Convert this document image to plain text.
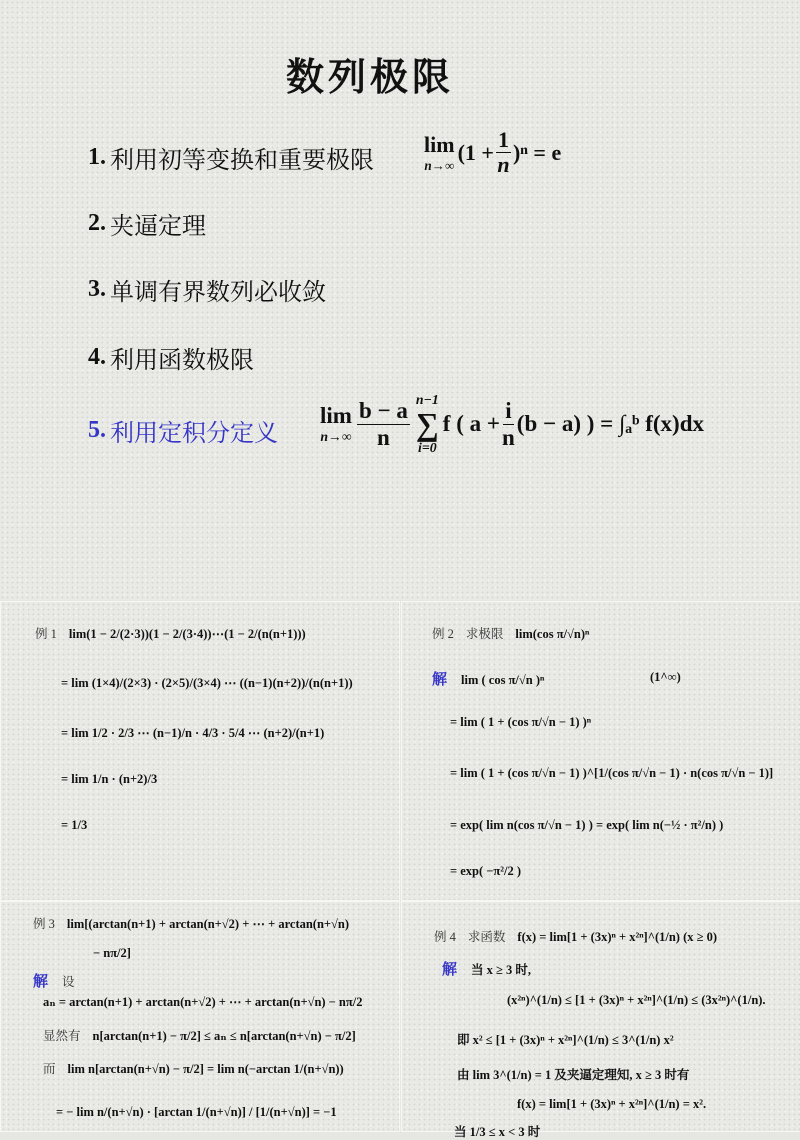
数列极限
1. 利用初等变换和重要极限
lim
n→∞
$(1 + \frac{1}{n} )^n = e$
2. 夹逼定理
3. 单调有界数列必收敛
4. 利用函数极限
5. 利用定积分定义
lim
$n\to\infty \frac{b - a}{n} n-1$
∑
i=0
f ( $a + \frac{i}{n} (b - a)$ ) = ∫ₐᵇ f(x)dx
例 1 lim(1 − 2/(2·3))(1 − 2/(3·4))⋯(1 − 2/(n(n+1)))
= lim (1×4)/(2×3) · (2×5)/(3×4) ⋯ ((n−1)(n+2))/(n(n+1))
= lim 1/2 · 2/3 ⋯ (n−1)/n · 4/3 · 5/4 ⋯ (n+2)/(n+1)
= lim 1/n · (n+2)/3
= 1/3
例 2 求极限 lim(cos π/√n)ⁿ
解 lim ( cos π/√n )ⁿ	(1^∞)
= lim ( 1 + (cos π/√n − 1) )ⁿ
= lim ( 1 + (cos π/√n − 1) )^[1/(cos π/√n − 1) · n(cos π/√n − 1)]
= exp( lim n(cos π/√n − 1) ) = exp( lim n(−½ · π²/n) )
= exp( −π²/2 )
例 3 lim[(arctan(n+1) + arctan(n+√2) + ⋯ + arctan(n+√n)
− nπ/2]
解 设
aₙ = arctan(n+1) + arctan(n+√2) + ⋯ + arctan(n+√n) − nπ/2
显然有 n[arctan(n+1) − π/2] ≤ aₙ ≤ n[arctan(n+√n) − π/2]
而 lim n[arctan(n+√n) − π/2] = lim n(−arctan 1/(n+√n))
= − lim n/(n+√n) · [arctan 1/(n+√n)] / [1/(n+√n)] = −1
例 4 求函数 f(x) = lim[1 + (3x)ⁿ + x²ⁿ]^(1/n) (x ≥ 0)
解 当 x ≥ 3 时,
(x²ⁿ)^(1/n) ≤ [1 + (3x)ⁿ + x²ⁿ]^(1/n) ≤ (3x²ⁿ)^(1/n).
即 x² ≤ [1 + (3x)ⁿ + x²ⁿ]^(1/n) ≤ 3^(1/n) x²
由 lim 3^(1/n) = 1 及夹逼定理知, x ≥ 3 时有
f(x) = lim[1 + (3x)ⁿ + x²ⁿ]^(1/n) = x².
当 1/3 ≤ x < 3 时
